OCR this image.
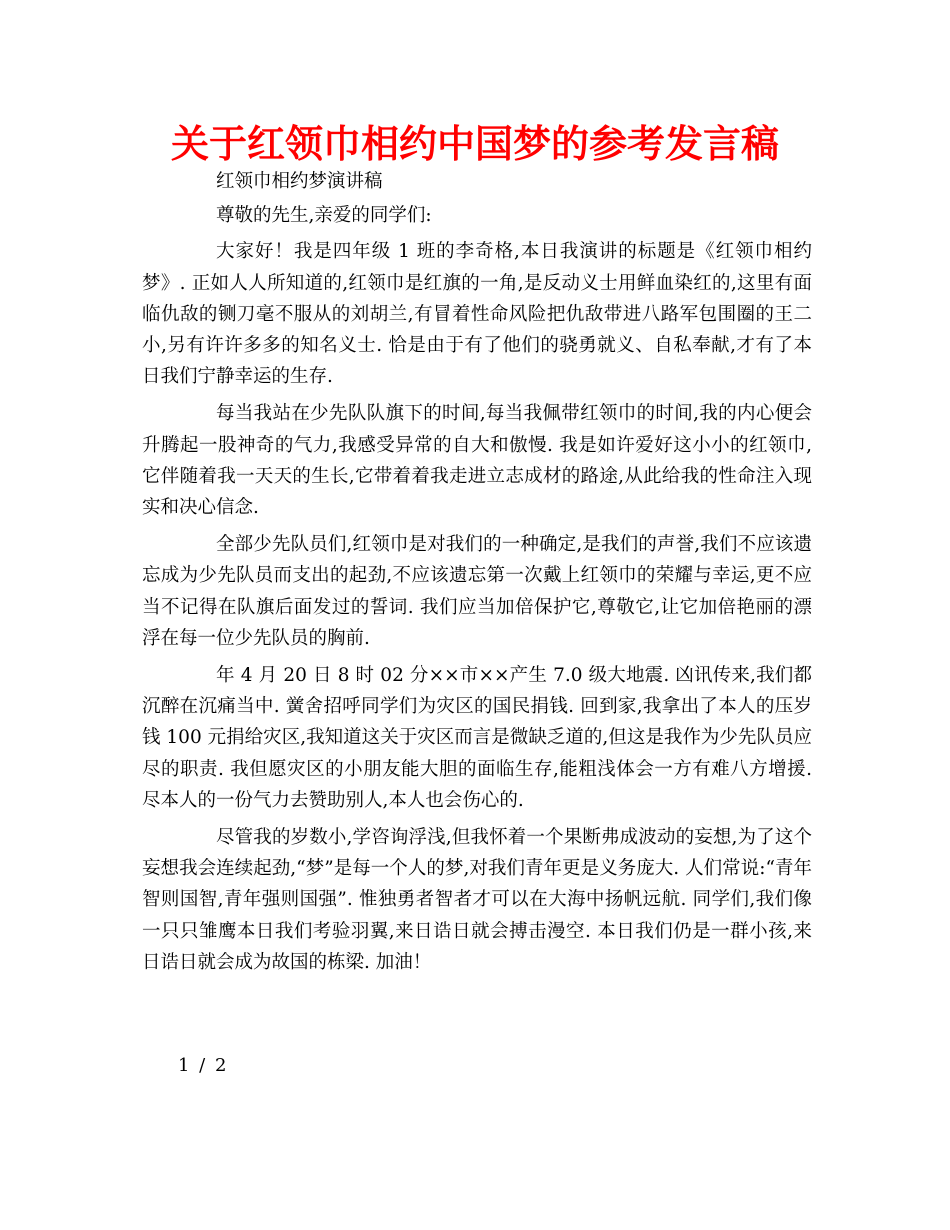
关于红领巾相约中国梦的参考发言稿

红领巾相约梦演讲稿

尊敬的先生,亲爱的同学们:

大家好！我是四年级 1 班的李奇格,本日我演讲的标题是《红领巾相约梦》. 正如人人所知道的,红领巾是红旗的一角,是反动义士用鲜血染红的,这里有面临仇敌的铡刀毫不服从的刘胡兰,有冒着性命风险把仇敌带进八路军包围圈的王二小,另有许许多多的知名义士. 恰是由于有了他们的骁勇就义、自私奉献,才有了本日我们宁静幸运的生存.

每当我站在少先队队旗下的时间,每当我佩带红领巾的时间,我的内心便会升腾起一股神奇的气力,我感受异常的自大和傲慢. 我是如许爱好这小小的红领巾,它伴随着我一天天的生长,它带着着我走进立志成材的路途,从此给我的性命注入现实和决心信念.

全部少先队员们,红领巾是对我们的一种确定,是我们的声誉,我们不应该遗忘成为少先队员而支出的起劲,不应该遗忘第一次戴上红领巾的荣耀与幸运,更不应当不记得在队旗后面发过的誓词. 我们应当加倍保护它,尊敬它,让它加倍艳丽的漂浮在每一位少先队员的胸前.

年 4 月 20 日 8 时 02 分××市××产生 7.0 级大地震. 凶讯传来,我们都沉醉在沉痛当中. 黉舍招呼同学们为灾区的国民捐钱. 回到家,我拿出了本人的压岁钱 100 元捐给灾区,我知道这关于灾区而言是微缺乏道的,但这是我作为少先队员应尽的职责. 我但愿灾区的小朋友能大胆的面临生存,能粗浅体会一方有难八方增援. 尽本人的一份气力去赞助别人,本人也会伤心的.

尽管我的岁数小,学咨询浮浅,但我怀着一个果断弗成波动的妄想,为了这个妄想我会连续起劲,“梦”是每一个人的梦,对我们青年更是义务庞大. 人们常说:“青年智则国智,青年强则国强”. 惟独勇者智者才可以在大海中扬帆远航. 同学们,我们像一只只雏鹰本日我们考验羽翼,来日诰日就会搏击漫空. 本日我们仍是一群小孩,来日诰日就会成为故国的栋梁. 加油！

1 / 2
